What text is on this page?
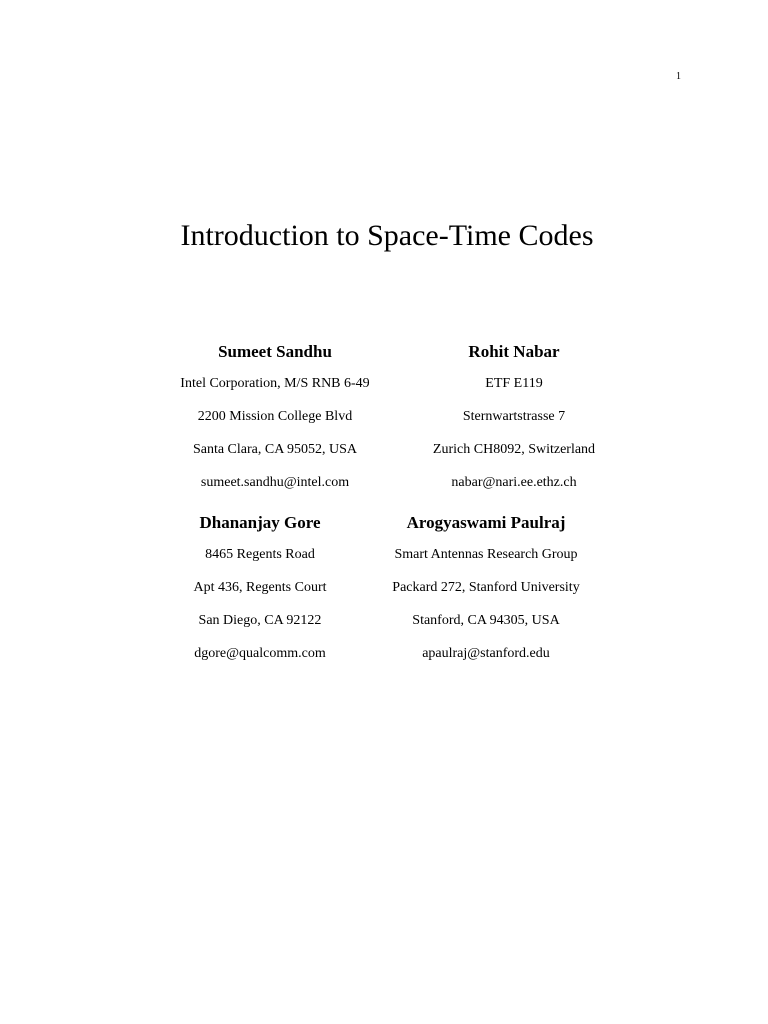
1
Introduction to Space-Time Codes
Sumeet Sandhu
Intel Corporation, M/S RNB 6-49
2200 Mission College Blvd
Santa Clara, CA 95052, USA
sumeet.sandhu@intel.com
Rohit Nabar
ETF E119
Sternwartstrasse 7
Zurich CH8092, Switzerland
nabar@nari.ee.ethz.ch
Dhananjay Gore
8465 Regents Road
Apt 436, Regents Court
San Diego, CA 92122
dgore@qualcomm.com
Arogyaswami Paulraj
Smart Antennas Research Group
Packard 272, Stanford University
Stanford, CA 94305, USA
apaulraj@stanford.edu
